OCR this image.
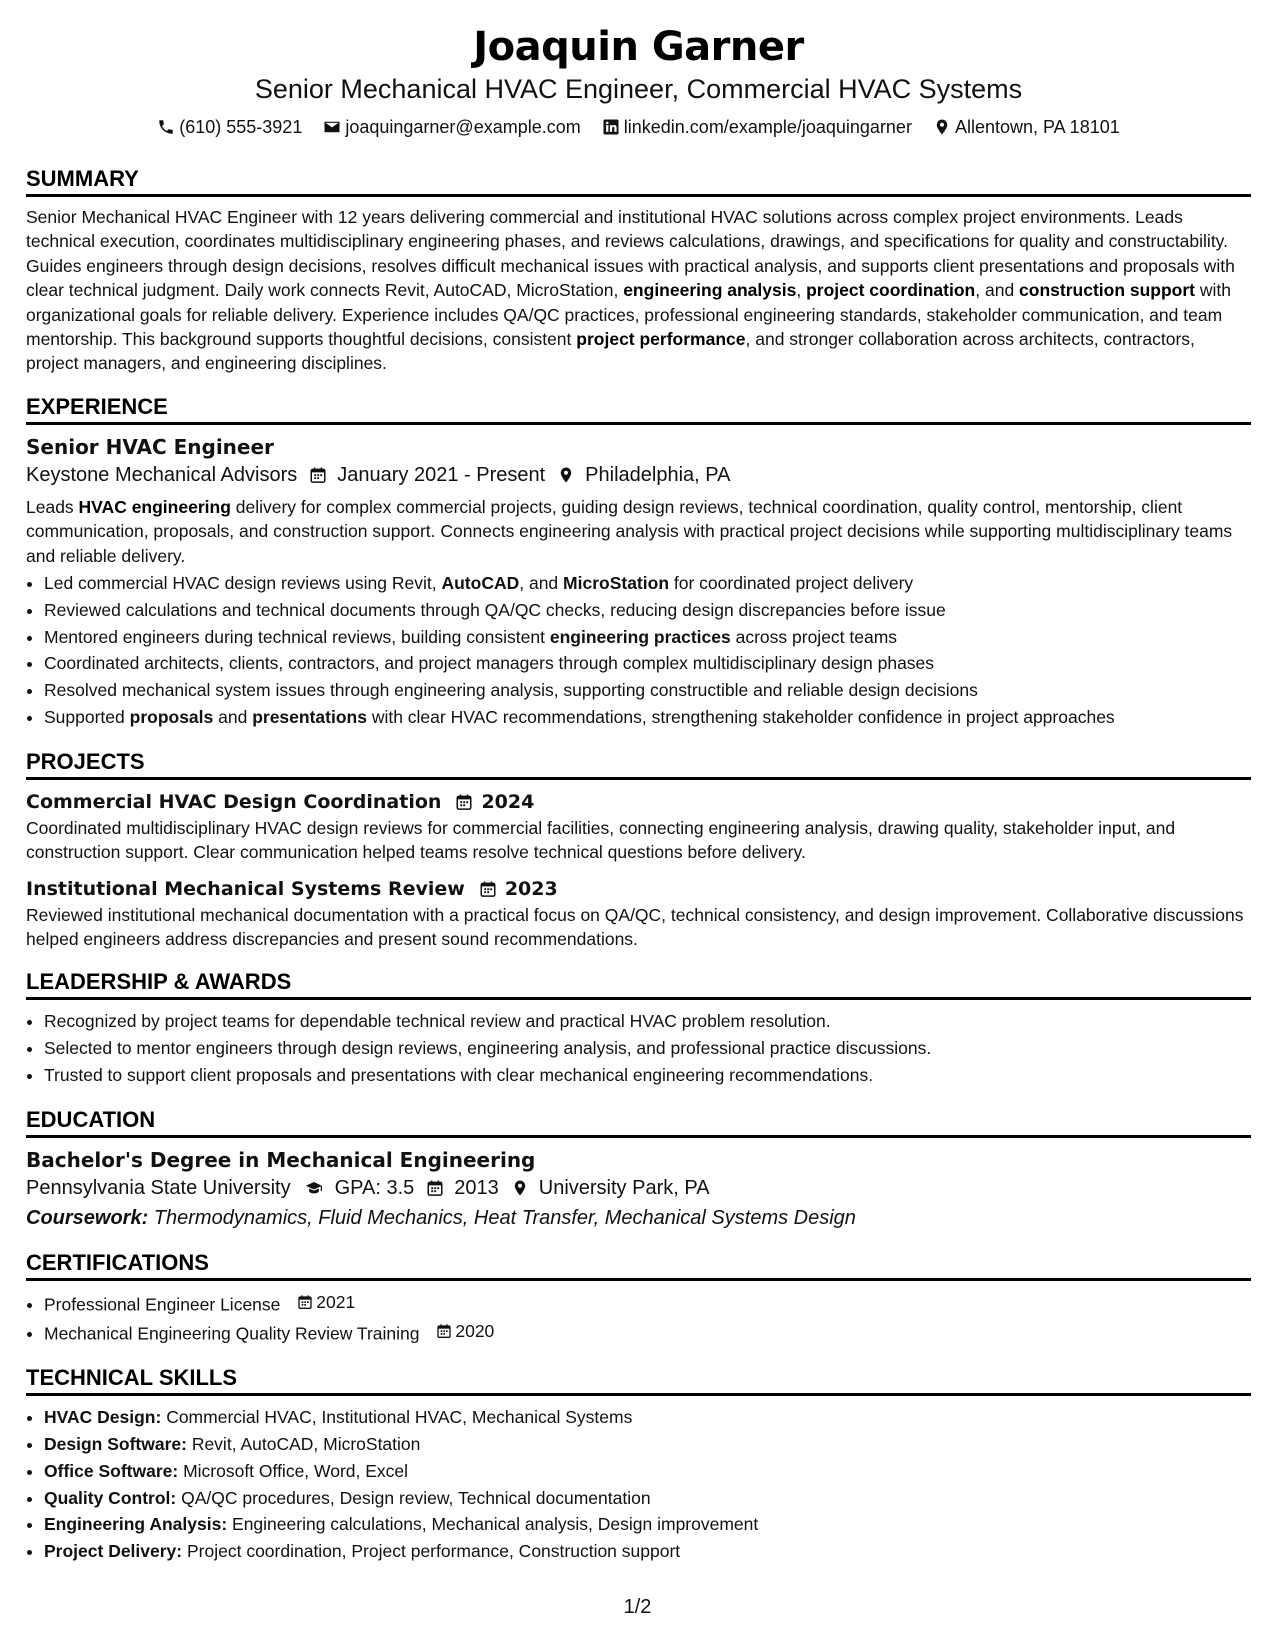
Joaquin Garner
Senior Mechanical HVAC Engineer, Commercial HVAC Systems
(610) 555-3921
joaquingarner@example.com
linkedin.com/example/joaquingarner
Allentown, PA 18101
SUMMARY
Senior Mechanical HVAC Engineer with 12 years delivering commercial and institutional HVAC solutions across complex project environments. Leads technical execution, coordinates multidisciplinary engineering phases, and reviews calculations, drawings, and specifications for quality and constructability. Guides engineers through design decisions, resolves difficult mechanical issues with practical analysis, and supports client presentations and proposals with clear technical judgment. Daily work connects Revit, AutoCAD, MicroStation, engineering analysis, project coordination, and construction support with organizational goals for reliable delivery. Experience includes QA/QC practices, professional engineering standards, stakeholder communication, and team mentorship. This background supports thoughtful decisions, consistent project performance, and stronger collaboration across architects, contractors, project managers, and engineering disciplines.
EXPERIENCE
Senior HVAC Engineer
Keystone Mechanical Advisors January 2021 - Present Philadelphia, PA
Leads HVAC engineering delivery for complex commercial projects, guiding design reviews, technical coordination, quality control, mentorship, client communication, proposals, and construction support. Connects engineering analysis with practical project decisions while supporting multidisciplinary teams and reliable delivery.
• Led commercial HVAC design reviews using Revit, AutoCAD, and MicroStation for coordinated project delivery
• Reviewed calculations and technical documents through QA/QC checks, reducing design discrepancies before issue
• Mentored engineers during technical reviews, building consistent engineering practices across project teams
• Coordinated architects, clients, contractors, and project managers through complex multidisciplinary design phases
• Resolved mechanical system issues through engineering analysis, supporting constructible and reliable design decisions
• Supported proposals and presentations with clear HVAC recommendations, strengthening stakeholder confidence in project approaches
PROJECTS
Commercial HVAC Design Coordination 2024
Coordinated multidisciplinary HVAC design reviews for commercial facilities, connecting engineering analysis, drawing quality, stakeholder input, and construction support. Clear communication helped teams resolve technical questions before delivery.
Institutional Mechanical Systems Review 2023
Reviewed institutional mechanical documentation with a practical focus on QA/QC, technical consistency, and design improvement. Collaborative discussions helped engineers address discrepancies and present sound recommendations.
LEADERSHIP & AWARDS
• Recognized by project teams for dependable technical review and practical HVAC problem resolution.
• Selected to mentor engineers through design reviews, engineering analysis, and professional practice discussions.
• Trusted to support client proposals and presentations with clear mechanical engineering recommendations.
EDUCATION
Bachelor's Degree in Mechanical Engineering
Pennsylvania State University GPA: 3.5 2013 University Park, PA
Coursework: Thermodynamics, Fluid Mechanics, Heat Transfer, Mechanical Systems Design
CERTIFICATIONS
• Professional Engineer License 2021
• Mechanical Engineering Quality Review Training 2020
TECHNICAL SKILLS
• HVAC Design: Commercial HVAC, Institutional HVAC, Mechanical Systems
• Design Software: Revit, AutoCAD, MicroStation
• Office Software: Microsoft Office, Word, Excel
• Quality Control: QA/QC procedures, Design review, Technical documentation
• Engineering Analysis: Engineering calculations, Mechanical analysis, Design improvement
• Project Delivery: Project coordination, Project performance, Construction support
1/2
